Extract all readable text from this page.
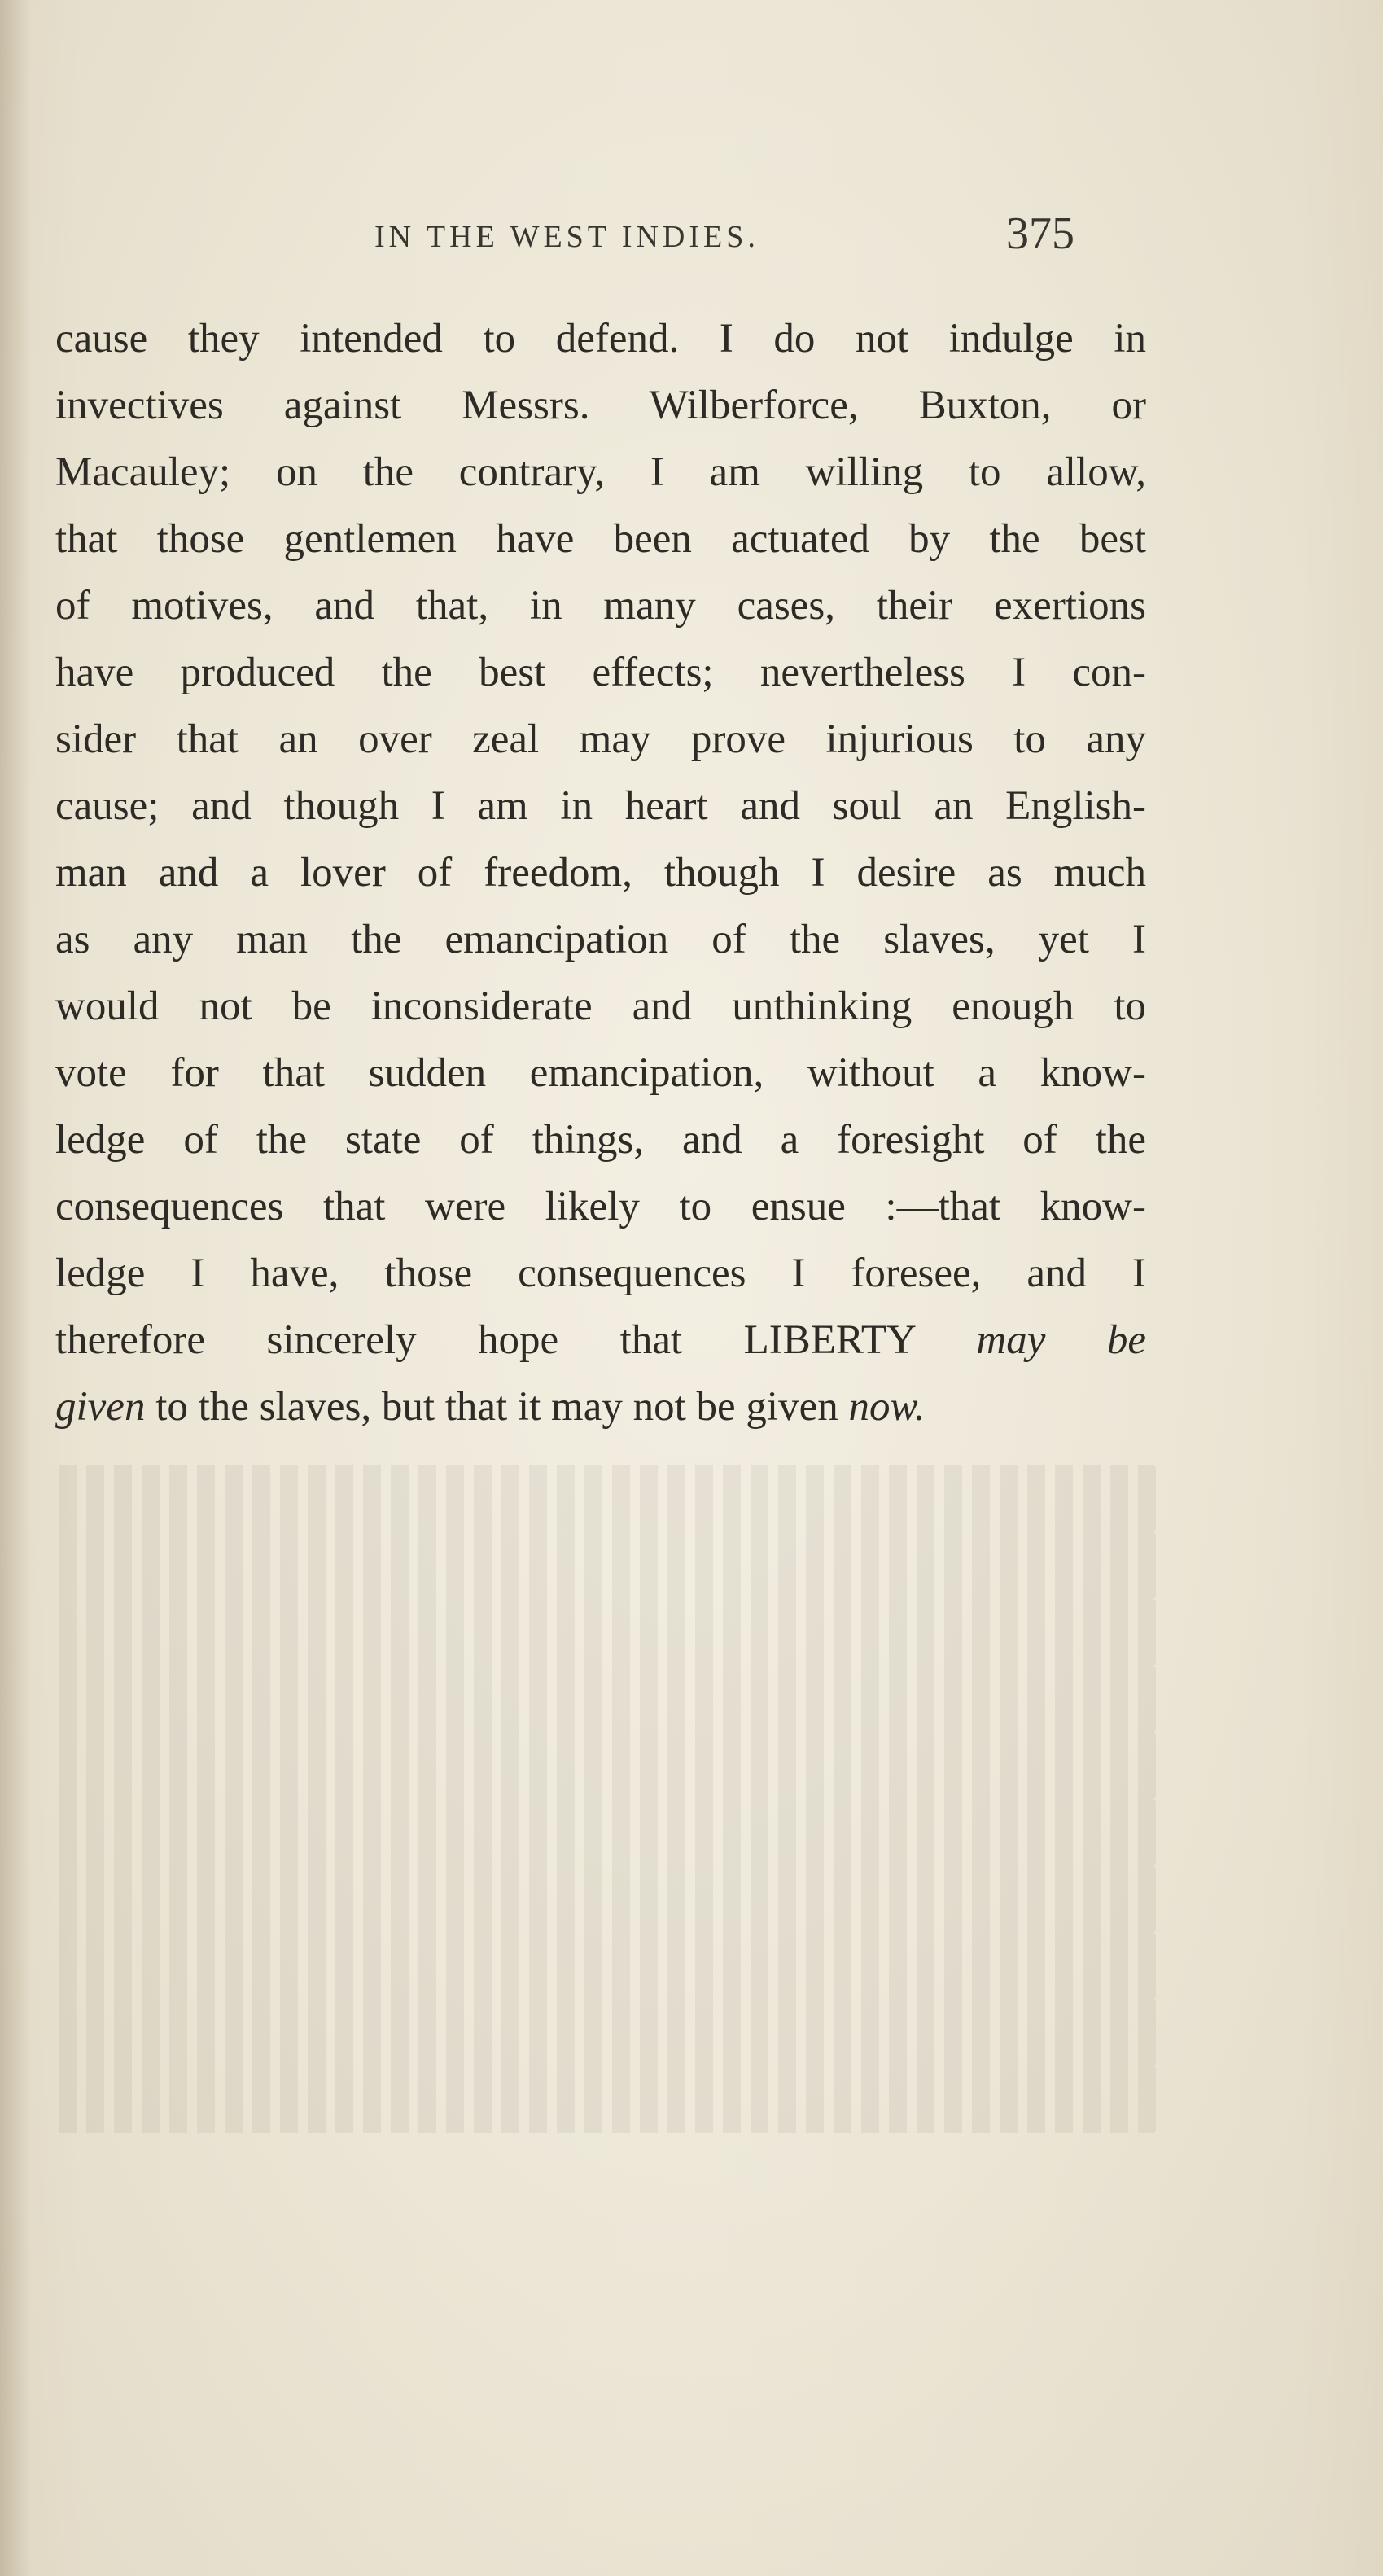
IN THE WEST INDIES.	375
cause they intended to defend. I do not indulge in
invectives against Messrs. Wilberforce, Buxton, or
Macauley; on the contrary, I am willing to allow,
that those gentlemen have been actuated by the best
of motives, and that, in many cases, their exertions
have produced the best effects; nevertheless I con-
sider that an over zeal may prove injurious to any
cause; and though I am in heart and soul an English-
man and a lover of freedom, though I desire as much
as any man the emancipation of the slaves, yet I
would not be inconsiderate and unthinking enough to
vote for that sudden emancipation, without a know-
ledge of the state of things, and a foresight of the
consequences that were likely to ensue :—that know-
ledge I have, those consequences I foresee, and I
therefore sincerely hope that LIBERTY may be
given to the slaves, but that it may not be given now.
